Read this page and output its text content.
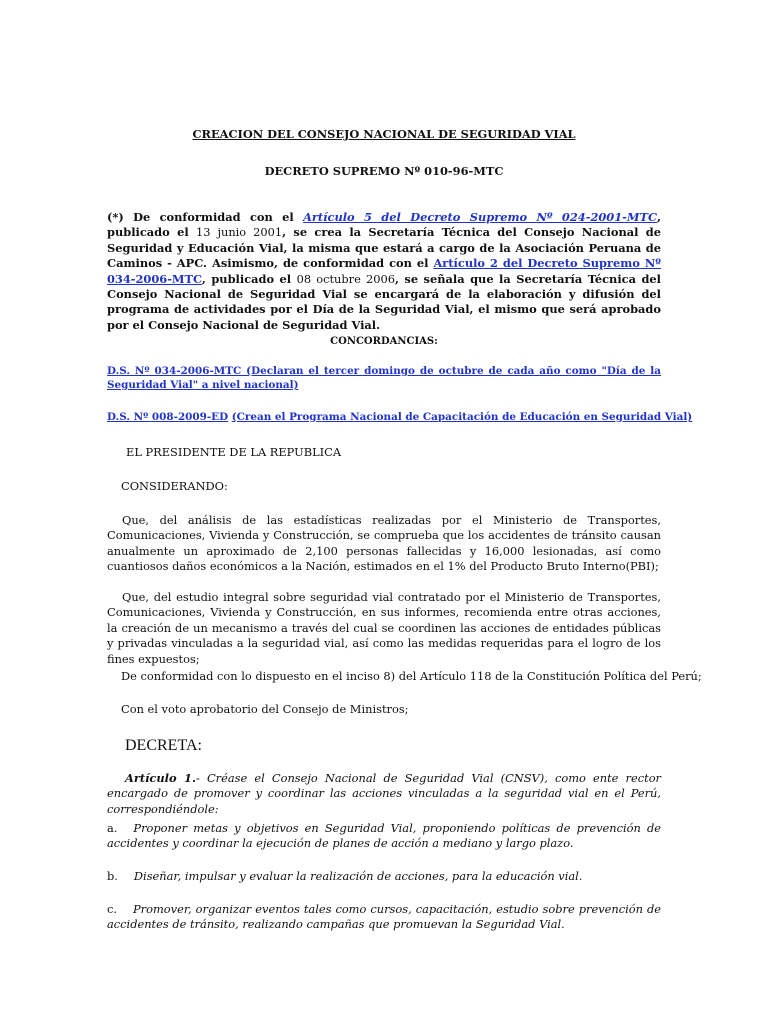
CREACION DEL CONSEJO NACIONAL DE SEGURIDAD VIAL
DECRETO SUPREMO Nº 010-96-MTC
(*) De conformidad con el Artículo 5 del Decreto Supremo Nº 024-2001-MTC, publicado el 13 junio 2001, se crea la Secretaría Técnica del Consejo Nacional de Seguridad y Educación Vial, la misma que estará a cargo de la Asociación Peruana de Caminos - APC. Asimismo, de conformidad con el Artículo 2 del Decreto Supremo Nº 034-2006-MTC, publicado el 08 octubre 2006, se señala que la Secretaría Técnica del Consejo Nacional de Seguridad Vial se encargará de la elaboración y difusión del programa de actividades por el Día de la Seguridad Vial, el mismo que será aprobado por el Consejo Nacional de Seguridad Vial.
CONCORDANCIAS:
D.S. Nº 034-2006-MTC (Declaran el tercer domingo de octubre de cada año como "Día de la Seguridad Vial" a nivel nacional)
D.S. Nº 008-2009-ED (Crean el Programa Nacional de Capacitación de Educación en Seguridad Vial)
EL PRESIDENTE DE LA REPUBLICA
CONSIDERANDO:
Que, del análisis de las estadísticas realizadas por el Ministerio de Transportes, Comunicaciones, Vivienda y Construcción, se comprueba que los accidentes de tránsito causan anualmente un aproximado de 2,100 personas fallecidas y 16,000 lesionadas, así como cuantiosos daños económicos a la Nación, estimados en el 1% del Producto Bruto Interno(PBI);
Que, del estudio integral sobre seguridad vial contratado por el Ministerio de Transportes, Comunicaciones, Vivienda y Construcción, en sus informes, recomienda entre otras acciones, la creación de un mecanismo a través del cual se coordinen las acciones de entidades públicas y privadas vinculadas a la seguridad vial, así como las medidas requeridas para el logro de los fines expuestos;
De conformidad con lo dispuesto en el inciso 8) del Artículo 118 de la Constitución Política del Perú;
Con el voto aprobatorio del Consejo de Ministros;
DECRETA:
Artículo 1.- Créase el Consejo Nacional de Seguridad Vial (CNSV), como ente rector encargado de promover y coordinar las acciones vinculadas a la seguridad vial en el Perú, correspondiéndole:
a. Proponer metas y objetivos en Seguridad Vial, proponiendo políticas de prevención de accidentes y coordinar la ejecución de planes de acción a mediano y largo plazo.
b. Diseñar, impulsar y evaluar la realización de acciones, para la educación vial.
c. Promover, organizar eventos tales como cursos, capacitación, estudio sobre prevención de accidentes de tránsito, realizando campañas que promuevan la Seguridad Vial.
